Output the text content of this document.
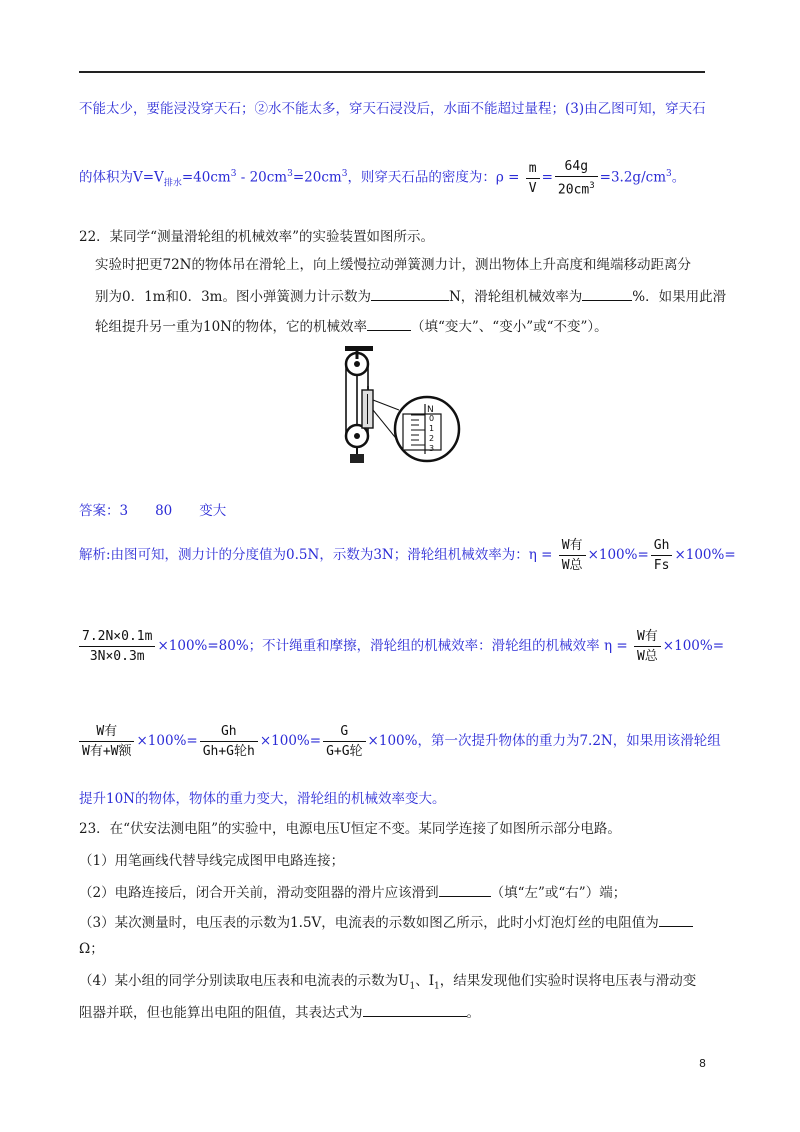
不能太少，要能浸没穿天石；②水不能太多，穿天石浸没后，水面不能超过量程；(3)由乙图可知，穿天石
的体积为$V=V_{排水}=40cm^3 - 20cm^3=20cm^3$，则穿天石品的密度为：$\rho = \frac{m}{V} = \frac{64g}{20cm^3} =3.2g/cm^3$。
22．某同学“测量滑轮组的机械效率”的实验装置如图所示。
实验时把更72N的物体吊在滑轮上，向上缓慢拉动弹簧测力计，测出物体上升高度和绳端移动距离分
别为0．1m和0．3m。图小弹簧测力计示数为	N，滑轮组机械效率为	%．如果用此滑
轮组提升另一重为10N的物体，它的机械效率	（填“变大”、“变小”或“不变”）。
N
0
1
2
3
答案：3　　80　　变大
解析:由图可知，测力计的分度值为0.5N，示数为3N；滑轮组机械效率为：$\eta = \frac{\text{W有}}{\text{W总}} \times 100\%= \frac{Gh}{Fs} \times 100\%=$
$\frac{7.2N\times 0.1m}{3N\times 0.3m} \times 100\%=80\%$；不计绳重和摩擦，滑轮组的机械效率：滑轮组的机械效率 $\eta = \frac{\text{W有}}{\text{W总}} \times 100\%=$
$\frac{\text{W有}}{\text{W有+W额}} \times 100\%= \frac{Gh}{\text{Gh+G轮h}} \times 100\%= \frac{G}{\text{G+G轮}} \times 100\%$，第一次提升物体的重力为7.2N，如果用该滑轮组
提升10N的物体，物体的重力变大，滑轮组的机械效率变大。
23．在“伏安法测电阻”的实验中，电源电压U恒定不变。某同学连接了如图所示部分电路。
（1）用笔画线代替导线完成图甲电路连接；
（2）电路连接后，闭合开关前，滑动变阻器的滑片应该滑到	（填“左”或“右”）端；
（3）某次测量时，电压表的示数为1.5V，电流表的示数如图乙所示，此时小灯泡灯丝的电阻值为
Ω；
（4）某小组的同学分别读取电压表和电流表的示数为$U_1$、$I_1$，结果发现他们实验时误将电压表与滑动变
阻器并联，但也能算出电阻的阻值，其表达式为	。
8
